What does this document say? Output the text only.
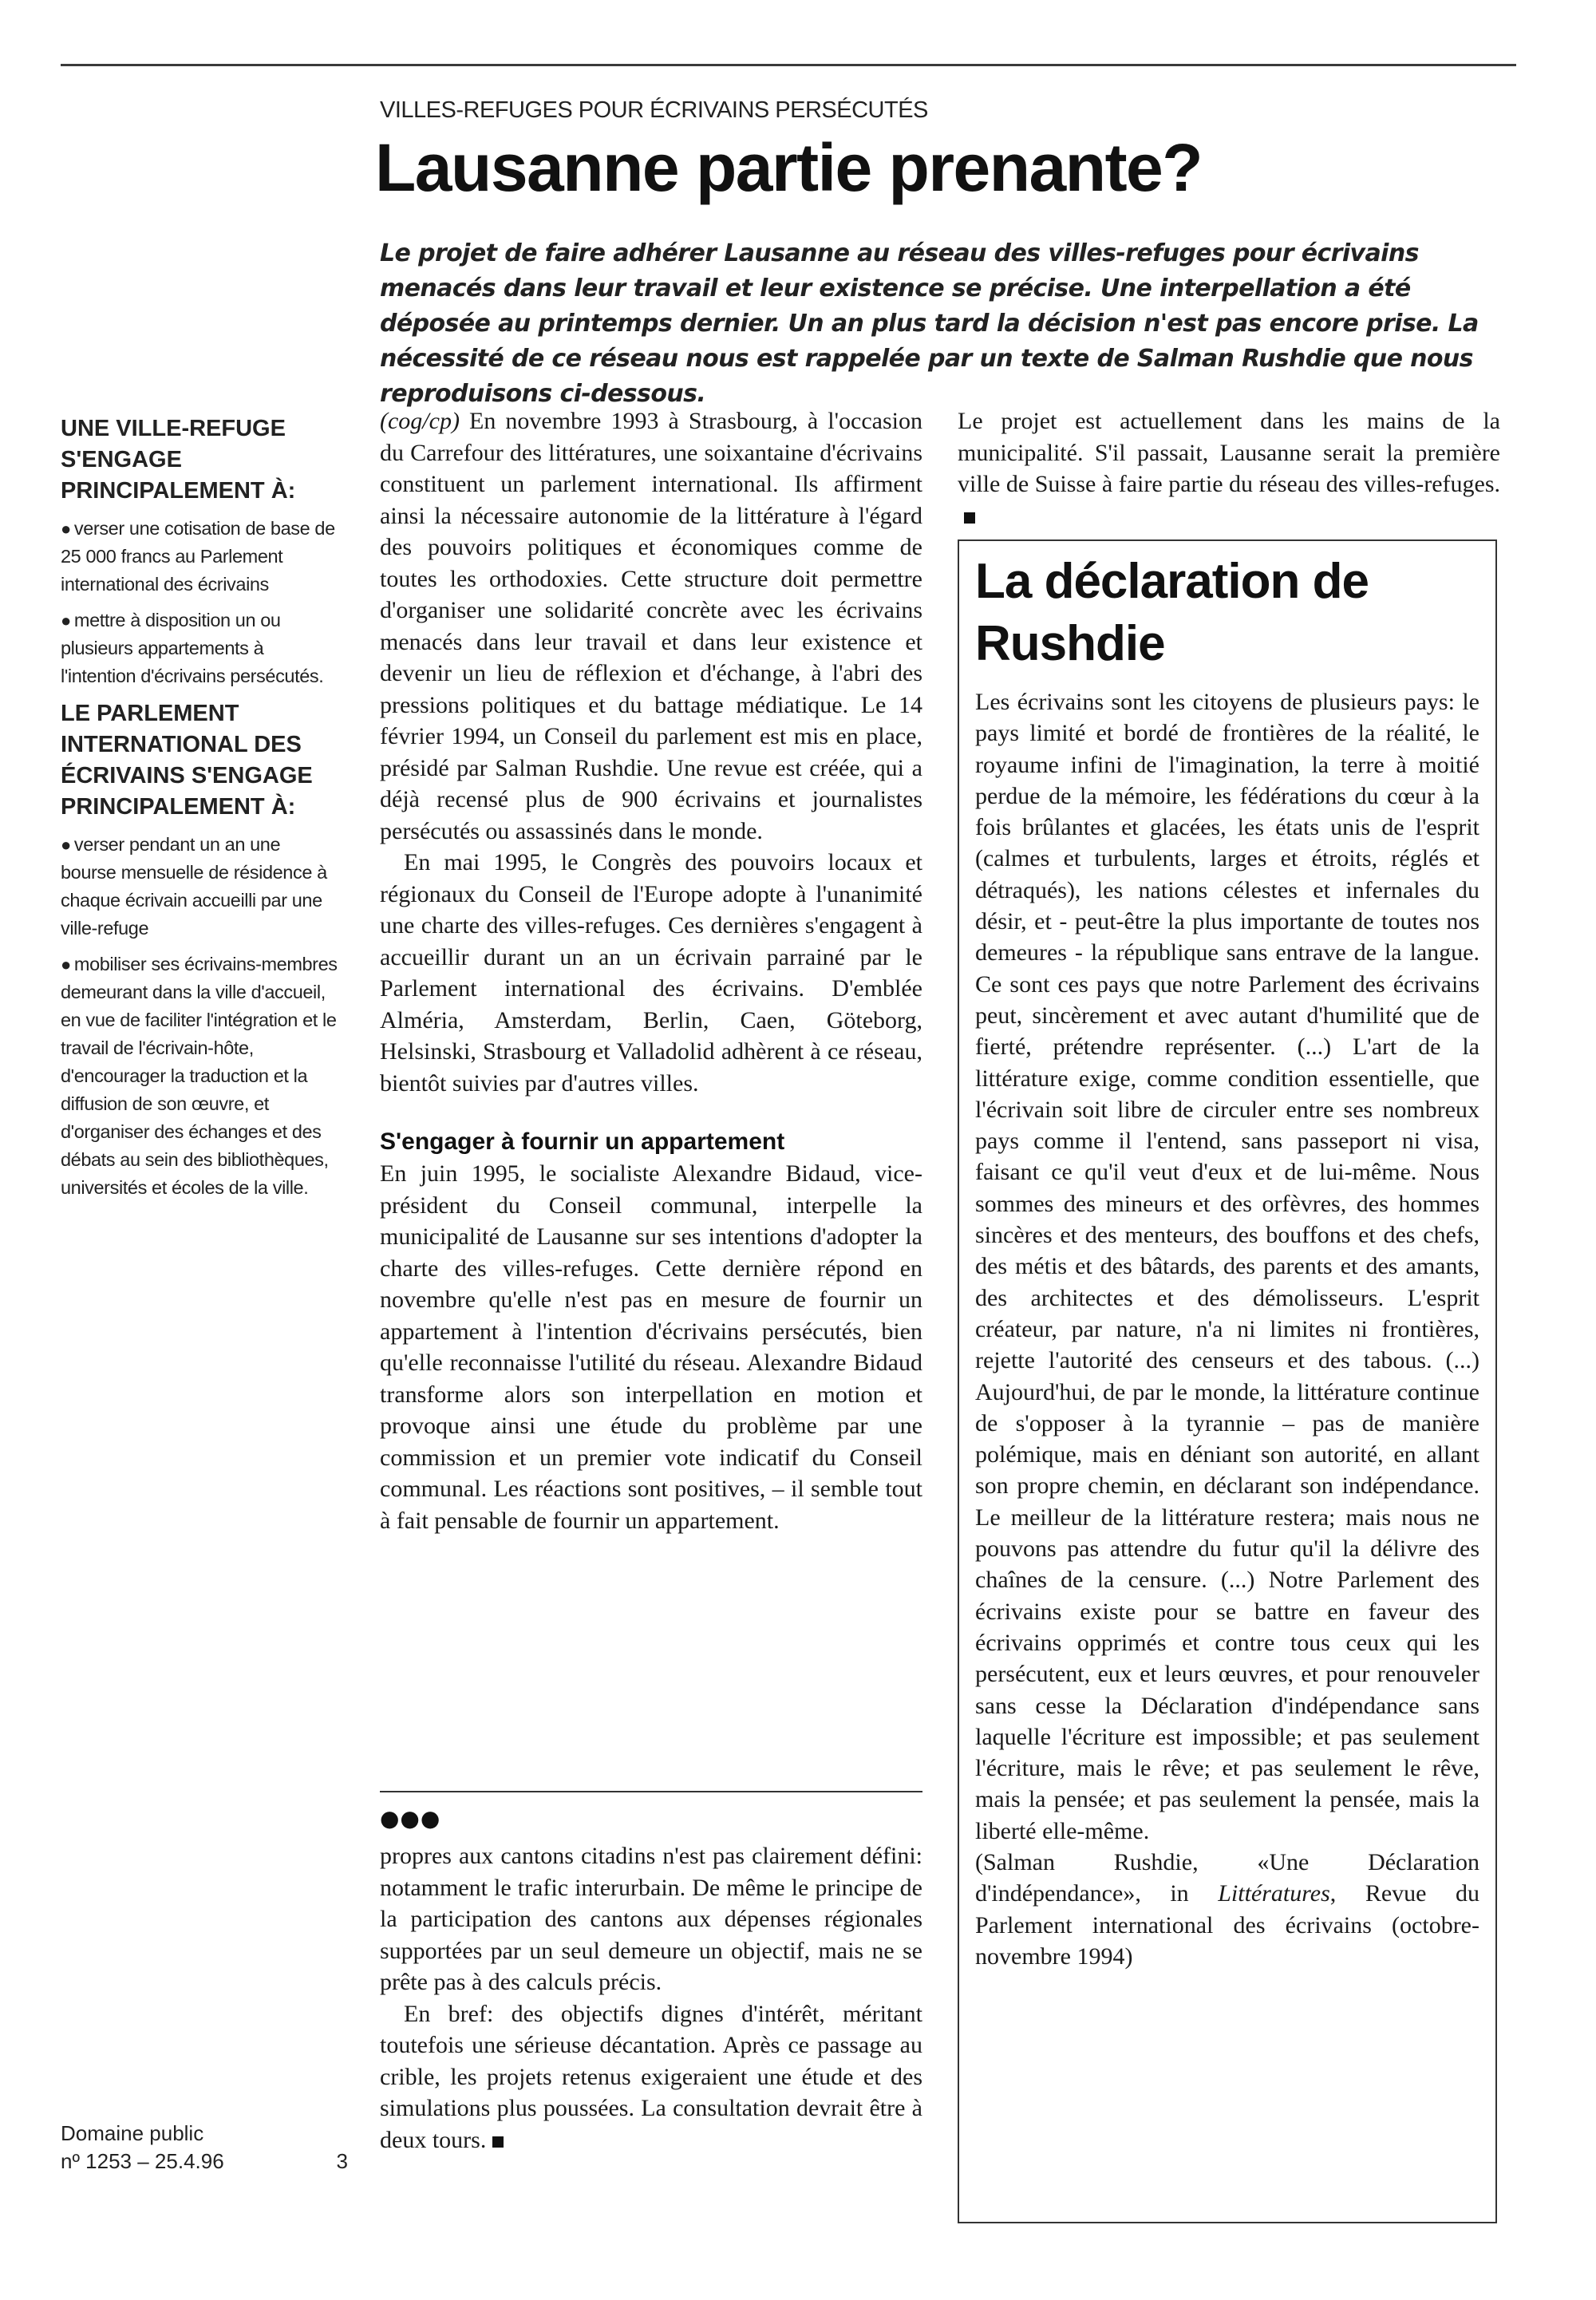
VILLES-REFUGES POUR ÉCRIVAINS PERSÉCUTÉS
Lausanne partie prenante?

Le projet de faire adhérer Lausanne au réseau des villes-refuges pour écrivains menacés dans leur travail et leur existence se précise. Une interpellation a été déposée au printemps dernier. Un an plus tard la décision n'est pas encore prise. La nécessité de ce réseau nous est rappelée par un texte de Salman Rushdie que nous reproduisons ci-dessous.

UNE VILLE-REFUGE S'ENGAGE PRINCIPALEMENT À:

● verser une cotisation de base de 25 000 francs au Parlement international des écrivains

● mettre à disposition un ou plusieurs appartements à l'intention d'écrivains persécutés.

LE PARLEMENT INTERNATIONAL DES ÉCRIVAINS S'ENGAGE PRINCIPALEMENT À:

● verser pendant un an une bourse mensuelle de résidence à chaque écrivain accueilli par une ville-refuge

● mobiliser ses écrivains-membres demeurant dans la ville d'accueil, en vue de faciliter l'intégration et le travail de l'écrivain-hôte, d'encourager la traduction et la diffusion de son œuvre, et d'organiser des échanges et des débats au sein des bibliothèques, universités et écoles de la ville.

Domaine public
nº 1253 – 25.4.96	3

(cog/cp) En novembre 1993 à Strasbourg, à l'occasion du Carrefour des littératures, une soixantaine d'écrivains constituent un parlement international. Ils affirment ainsi la nécessaire autonomie de la littérature à l'égard des pouvoirs politiques et économiques comme de toutes les orthodoxies. Cette structure doit permettre d'organiser une solidarité concrète avec les écrivains menacés dans leur travail et dans leur existence et devenir un lieu de réflexion et d'échange, à l'abri des pressions politiques et du battage médiatique. Le 14 février 1994, un Conseil du parlement est mis en place, présidé par Salman Rushdie. Une revue est créée, qui a déjà recensé plus de 900 écrivains et journalistes persécutés ou assassinés dans le monde.

En mai 1995, le Congrès des pouvoirs locaux et régionaux du Conseil de l'Europe adopte à l'unanimité une charte des villes-refuges. Ces dernières s'engagent à accueillir durant un an un écrivain parrainé par le Parlement international des écrivains. D'emblée Alméria, Amsterdam, Berlin, Caen, Göteborg, Helsinski, Strasbourg et Valladolid adhèrent à ce réseau, bientôt suivies par d'autres villes.

S'engager à fournir un appartement

En juin 1995, le socialiste Alexandre Bidaud, vice-président du Conseil communal, interpelle la municipalité de Lausanne sur ses intentions d'adopter la charte des villes-refuges. Cette dernière répond en novembre qu'elle n'est pas en mesure de fournir un appartement à l'intention d'écrivains persécutés, bien qu'elle reconnaisse l'utilité du réseau. Alexandre Bidaud transforme alors son interpellation en motion et provoque ainsi une étude du problème par une commission et un premier vote indicatif du Conseil communal. Les réactions sont positives, – il semble tout à fait pensable de fournir un appartement.

●●●

propres aux cantons citadins n'est pas clairement défini: notamment le trafic interurbain. De même le principe de la participation des cantons aux dépenses régionales supportées par un seul demeure un objectif, mais ne se prête pas à des calculs précis.

En bref: des objectifs dignes d'intérêt, méritant toutefois une sérieuse décantation. Après ce passage au crible, les projets retenus exigeraient une étude et des simulations plus poussées. La consultation devrait être à deux tours.

Le projet est actuellement dans les mains de la municipalité. S'il passait, Lausanne serait la première ville de Suisse à faire partie du réseau des villes-refuges.

La déclaration de Rushdie

Les écrivains sont les citoyens de plusieurs pays: le pays limité et bordé de frontières de la réalité, le royaume infini de l'imagination, la terre à moitié perdue de la mémoire, les fédérations du cœur à la fois brûlantes et glacées, les états unis de l'esprit (calmes et turbulents, larges et étroits, réglés et détraqués), les nations célestes et infernales du désir, et - peut-être la plus importante de toutes nos demeures - la république sans entrave de la langue. Ce sont ces pays que notre Parlement des écrivains peut, sincèrement et avec autant d'humilité que de fierté, prétendre représenter. (...) L'art de la littérature exige, comme condition essentielle, que l'écrivain soit libre de circuler entre ses nombreux pays comme il l'entend, sans passeport ni visa, faisant ce qu'il veut d'eux et de lui-même. Nous sommes des mineurs et des orfèvres, des hommes sincères et des menteurs, des bouffons et des chefs, des métis et des bâtards, des parents et des amants, des architectes et des démolisseurs. L'esprit créateur, par nature, n'a ni limites ni frontières, rejette l'autorité des censeurs et des tabous. (...) Aujourd'hui, de par le monde, la littérature continue de s'opposer à la tyrannie – pas de manière polémique, mais en déniant son autorité, en allant son propre chemin, en déclarant son indépendance. Le meilleur de la littérature restera; mais nous ne pouvons pas attendre du futur qu'il la délivre des chaînes de la censure. (...) Notre Parlement des écrivains existe pour se battre en faveur des écrivains opprimés et contre tous ceux qui les persécutent, eux et leurs œuvres, et pour renouveler sans cesse la Déclaration d'indépendance sans laquelle l'écriture est impossible; et pas seulement l'écriture, mais le rêve; et pas seulement le rêve, mais la pensée; et pas seulement la pensée, mais la liberté elle-même.

(Salman Rushdie, «Une Déclaration d'indépendance», in Littératures, Revue du Parlement international des écrivains (octobre-novembre 1994)
